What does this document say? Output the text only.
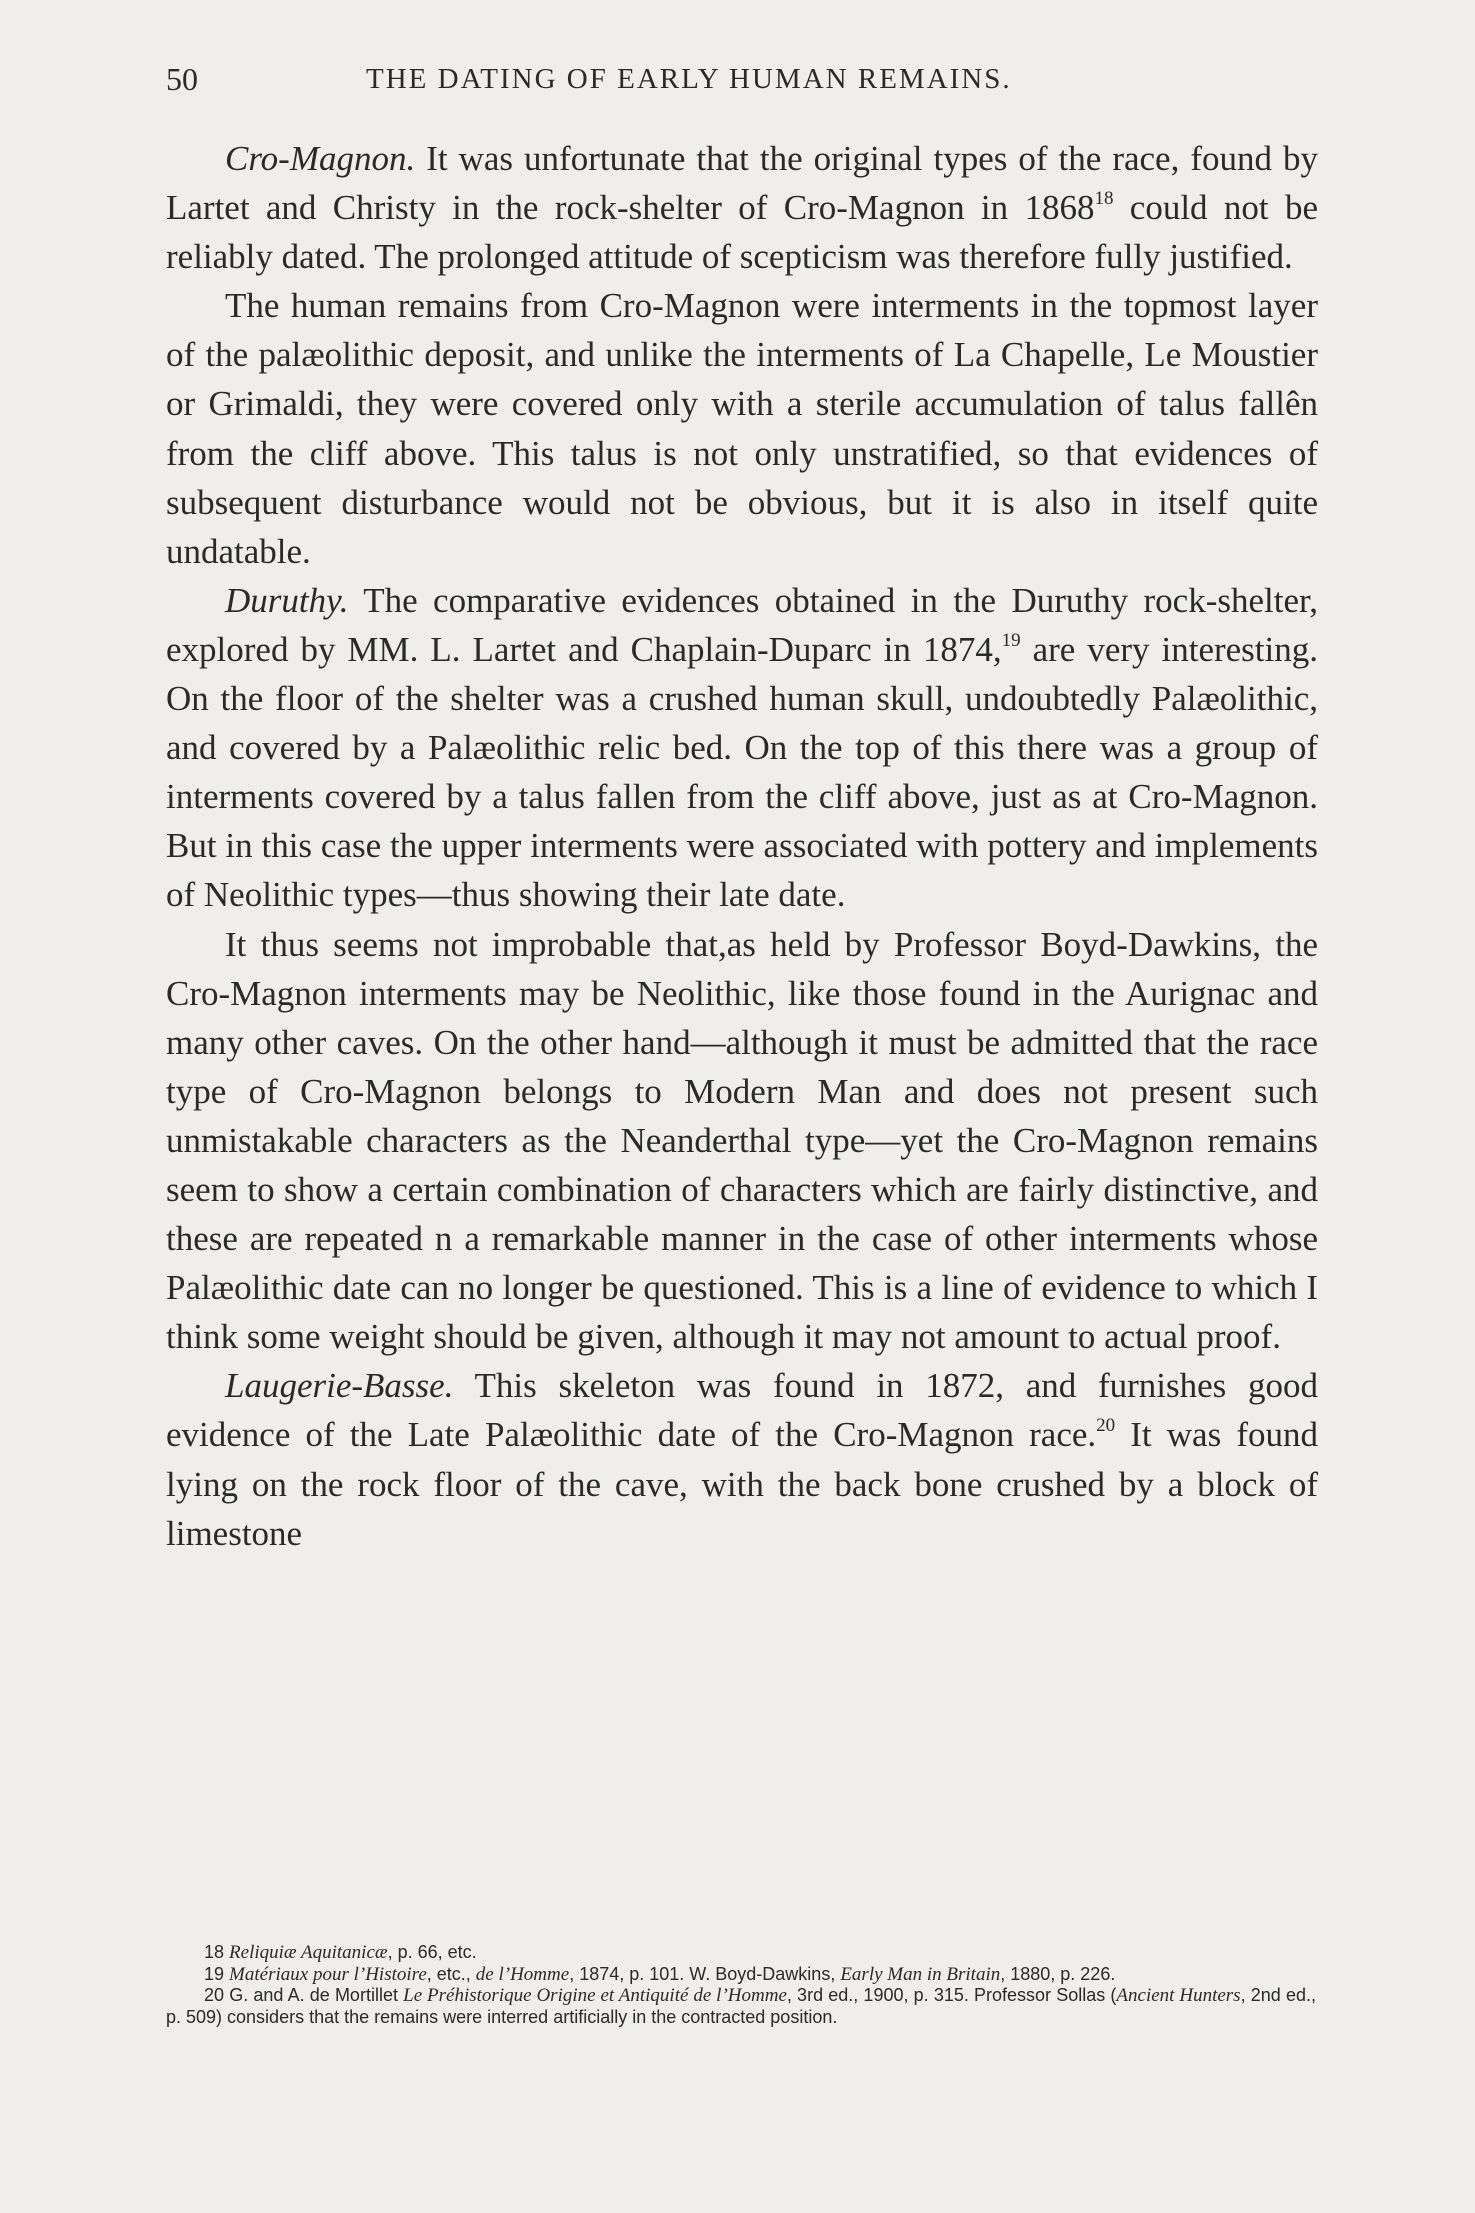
50	THE DATING OF EARLY HUMAN REMAINS.

Cro-Magnon. It was unfortunate that the original types of the race, found by Lartet and Christy in the rock-shelter of Cro-Magnon in 1868$^{18}$ could not be reliably dated. The prolonged attitude of scepticism was therefore fully justified.

The human remains from Cro-Magnon were interments in the topmost layer of the palæolithic deposit, and unlike the interments of La Chapelle, Le Moustier or Grimaldi, they were covered only with a sterile accumulation of talus fallên from the cliff above. This talus is not only unstratified, so that evidences of subsequent disturbance would not be obvious, but it is also in itself quite undatable.

Duruthy. The comparative evidences obtained in the Duruthy rock-shelter, explored by MM. L. Lartet and Chaplain-Duparc in 1874,19 are very interesting. On the floor of the shelter was a crushed human skull, undoubtedly Palæolithic, and covered by a Palæolithic relic bed. On the top of this there was a group of interments covered by a talus fallen from the cliff above, just as at Cro-Magnon. But in this case the upper interments were associated with pottery and implements of Neolithic types—thus showing their late date.

It thus seems not improbable that,as held by Professor Boyd-Dawkins, the Cro-Magnon interments may be Neolithic, like those found in the Aurignac and many other caves. On the other hand—although it must be admitted that the race type of Cro-Magnon belongs to Modern Man and does not present such unmistakable characters as the Neanderthal type—yet the Cro-Magnon remains seem to show a certain combination of characters which are fairly distinctive, and these are repeated n a remarkable manner in the case of other interments whose Palæolithic date can no longer be questioned. This is a line of evidence to which I think some weight should be given, although it may not amount to actual proof.

Laugerie-Basse. This skeleton was found in 1872, and furnishes good evidence of the Late Palæolithic date of the Cro-Magnon race.$^{20}$ It was found lying on the rock floor of the cave, with the back bone crushed by a block of limestone

18 Reliquiæ Aquitanicæ, p. 66, etc.

19 Matériaux pour l’Histoire, etc., de l’Homme, 1874, p. 101. W. Boyd-Dawkins, Early Man in Britain, 1880, p. 226.

20 G. and A. de Mortillet Le Préhistorique Origine et Antiquité de l’Homme, 3rd ed., 1900, p. 315. Professor Sollas (Ancient Hunters, 2nd ed., p. 509) considers that the remains were interred artificially in the contracted position.
